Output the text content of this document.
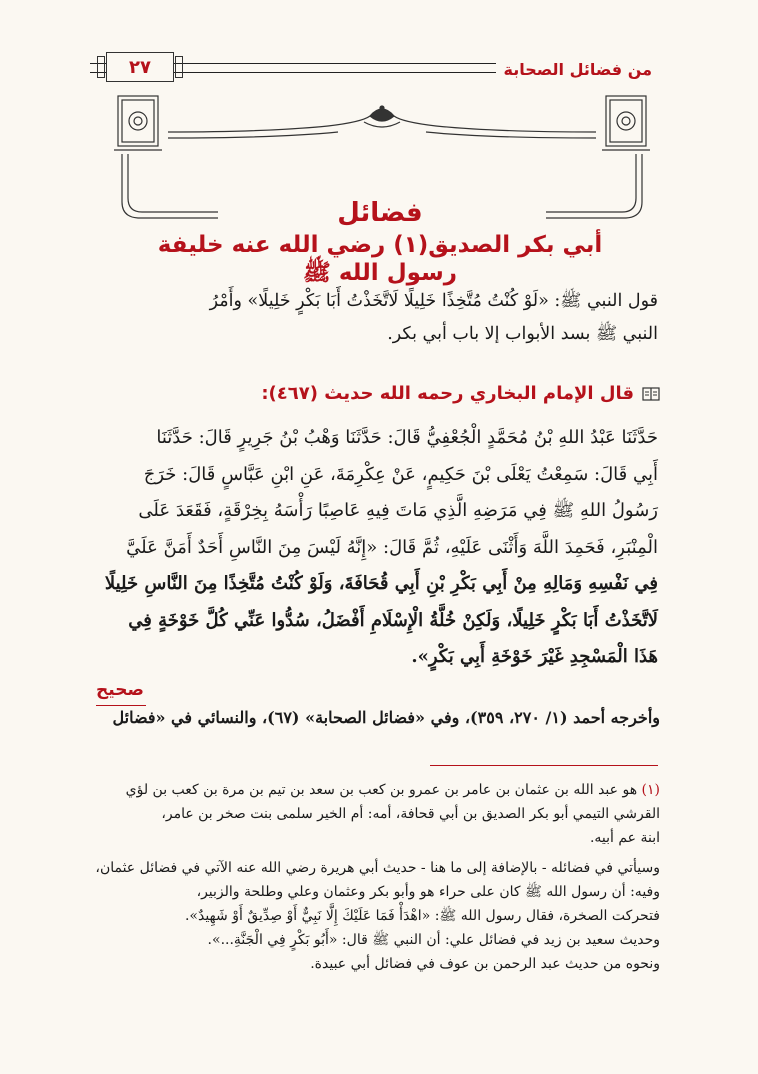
من فضائل الصحابة
٢٧
فضائل
أبي بكر الصديق(١) رضي الله عنه خليفة رسول الله ﷺ
قول النبي ﷺ: «لَوْ كُنْتُ مُتَّخِذًا خَلِيلًا لَاتَّخَذْتُ أَبَا بَكْرٍ خَلِيلًا» وأَمْرُ
النبي ﷺ بسد الأبواب إلا باب أبي بكر.
قال الإمام البخاري رحمه الله حديث (٤٦٧):
حَدَّثَنَا عَبْدُ اللهِ بْنُ مُحَمَّدٍ الْجُعْفِيُّ قَالَ: حَدَّثَنَا وَهْبُ بْنُ جَرِيرٍ قَالَ: حَدَّثَنَا
أَبِي قَالَ: سَمِعْتُ يَعْلَى بْنَ حَكِيمٍ، عَنْ عِكْرِمَةَ، عَنِ ابْنِ عَبَّاسٍ قَالَ: خَرَجَ
رَسُولُ اللهِ ﷺ فِي مَرَضِهِ الَّذِي مَاتَ فِيهِ عَاصِبًا رَأْسَهُ بِخِرْقَةٍ، فَقَعَدَ عَلَى
الْمِنْبَرِ، فَحَمِدَ اللَّهَ وَأَثْنَى عَلَيْهِ، ثُمَّ قَالَ: «إِنَّهُ لَيْسَ مِنَ النَّاسِ أَحَدٌ أَمَنَّ عَلَيَّ
فِي نَفْسِهِ وَمَالِهِ مِنْ أَبِي بَكْرِ بْنِ أَبِي قُحَافَةَ، وَلَوْ كُنْتُ مُتَّخِذًا مِنَ النَّاسِ خَلِيلًا
لَاتَّخَذْتُ أَبَا بَكْرٍ خَلِيلًا، وَلَكِنْ خُلَّةُ الْإِسْلَامِ أَفْضَلُ، سُدُّوا عَنِّي كُلَّ خَوْخَةٍ فِي
هَذَا الْمَسْجِدِ غَيْرَ خَوْخَةِ أَبِي بَكْرٍ».
صحيح
وأخرجه أحمد (١/ ٢٧٠، ٣٥٩)، وفي «فضائل الصحابة» (٦٧)، والنسائي في «فضائل
(١) هو عبد الله بن عثمان بن عامر بن عمرو بن كعب بن سعد بن تيم بن مرة بن كعب بن لؤي
القرشي التيمي أبو بكر الصديق بن أبي قحافة، أمه: أم الخير سلمى بنت صخر بن عامر،
ابنة عم أبيه.
وسيأتي في فضائله - بالإضافة إلى ما هنا - حديث أبي هريرة رضي الله عنه الآتي في فضائل عثمان،
وفيه: أن رسول الله ﷺ كان على حراء هو وأبو بكر وعثمان وعلي وطلحة والزبير،
فتحركت الصخرة، فقال رسول الله ﷺ: «اهْدَأْ فَمَا عَلَيْكَ إِلَّا نَبِيٌّ أَوْ صِدِّيقٌ أَوْ شَهِيدٌ».
وحديث سعيد بن زيد في فضائل علي: أن النبي ﷺ قال: «أَبُو بَكْرٍ فِي الْجَنَّةِ...».
ونحوه من حديث عبد الرحمن بن عوف في فضائل أبي عبيدة.
